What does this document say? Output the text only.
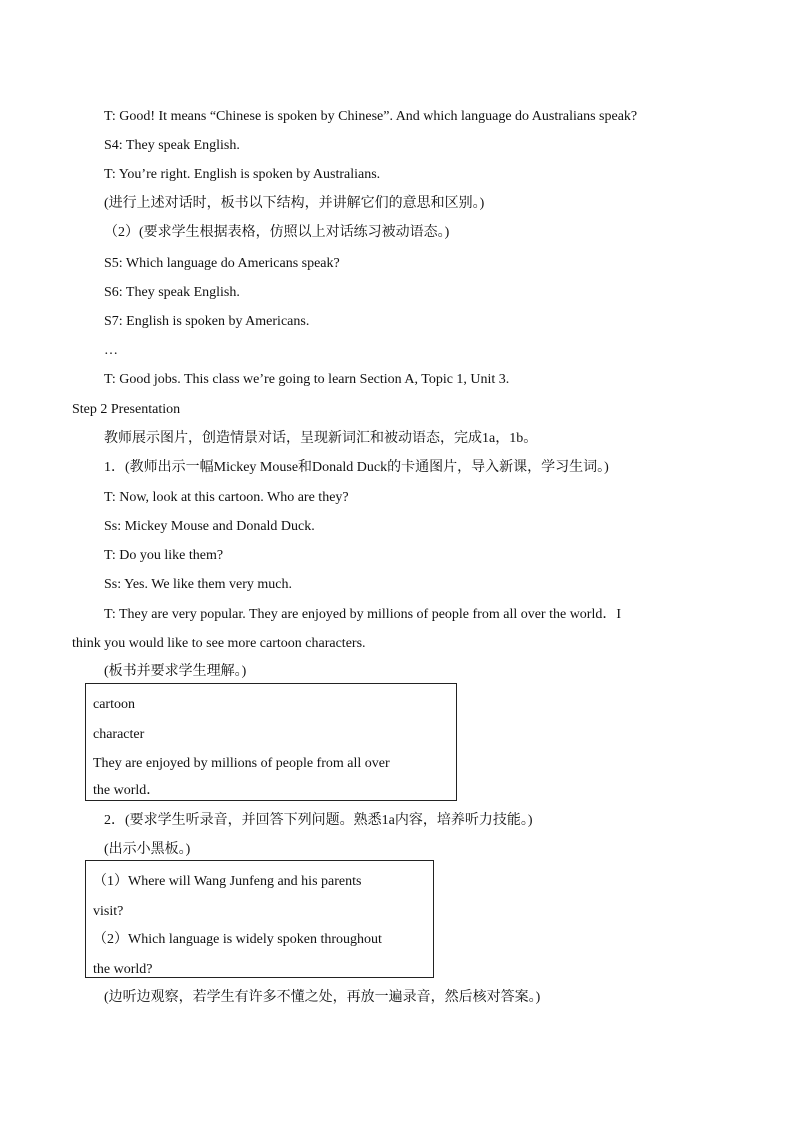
T: Good! It means “Chinese is spoken by Chinese”. And which language do Australians speak?
S4: They speak English.
T: You’re right. English is spoken by Australians.
(进行上述对话时，板书以下结构，并讲解它们的意思和区别。)
（2）(要求学生根据表格，仿照以上对话练习被动语态。)
S5: Which language do Americans speak?
S6: They speak English.
S7: English is spoken by Americans.
…
T: Good jobs. This class we’re going to learn Section A, Topic 1, Unit 3.
Step 2 Presentation
教师展示图片，创造情景对话，呈现新词汇和被动语态，完成1a，1b。
1．(教师出示一幅Mickey Mouse和Donald Duck的卡通图片，导入新课，学习生词。)
T: Now, look at this cartoon. Who are they?
Ss: Mickey Mouse and Donald Duck.
T: Do you like them?
Ss: Yes. We like them very much.
T: They are very popular. They are enjoyed by millions of people from all over the world．I
think you would like to see more cartoon characters.
(板书并要求学生理解。)
cartoon
character
They are enjoyed by millions of people from all over
the world．
2．(要求学生听录音，并回答下列问题。熟悉1a内容，培养听力技能。)
(出示小黑板。)
（1）Where will Wang Junfeng and his parents
visit?
（2）Which language is widely spoken throughout
the world?
(边听边观察，若学生有许多不懂之处，再放一遍录音，然后核对答案。)
